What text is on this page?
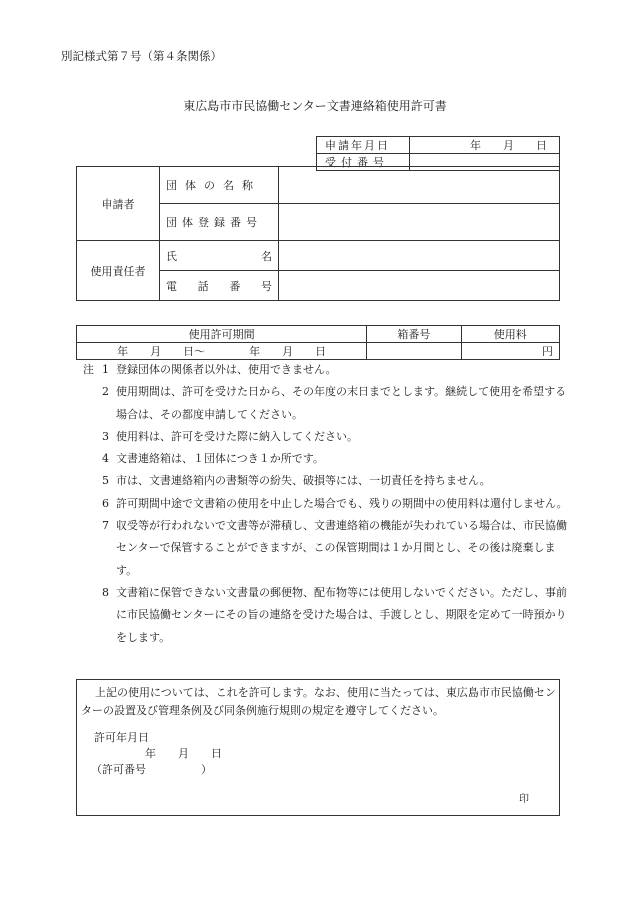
別記様式第７号（第４条関係）
東広島市市民協働センター文書連絡箱使用許可書
申請年月日	年　　月　　日
受付番号	
申請者	団体の名称	
	団体登録番号	
使用責任者	氏 名	

	電 話 番 号	

使用許可期間	箱番号	使用料
年　　月　　日～　　　　年　　月　　日		円
注 1 登録団体の関係者以外は、使用できません。
2 使用期間は、許可を受けた日から、その年度の末日までとします。継続して使用を希望する場合は、その都度申請してください。
3 使用料は、許可を受けた際に納入してください。
4 文書連絡箱は、１団体につき１か所です。
5 市は、文書連絡箱内の書類等の紛失、破損等には、一切責任を持ちません。
6 許可期間中途で文書箱の使用を中止した場合でも、残りの期間中の使用料は還付しません。
7 収受等が行われないで文書等が滞積し、文書連絡箱の機能が失われている場合は、市民協働センターで保管することができますが、この保管期間は１か月間とし、その後は廃棄します。
8 文書箱に保管できない文書量の郵便物、配布物等には使用しないでください。ただし、事前に市民協働センターにその旨の連絡を受けた場合は、手渡しとし、期限を定めて一時預かりをします。
上記の使用については、これを許可します。なお、使用に当たっては、東広島市市民協働センターの設置及び管理条例及び同条例施行規則の規定を遵守してください。
許可年月日
年　　月　　日
（許可番号　　　　　）
印
